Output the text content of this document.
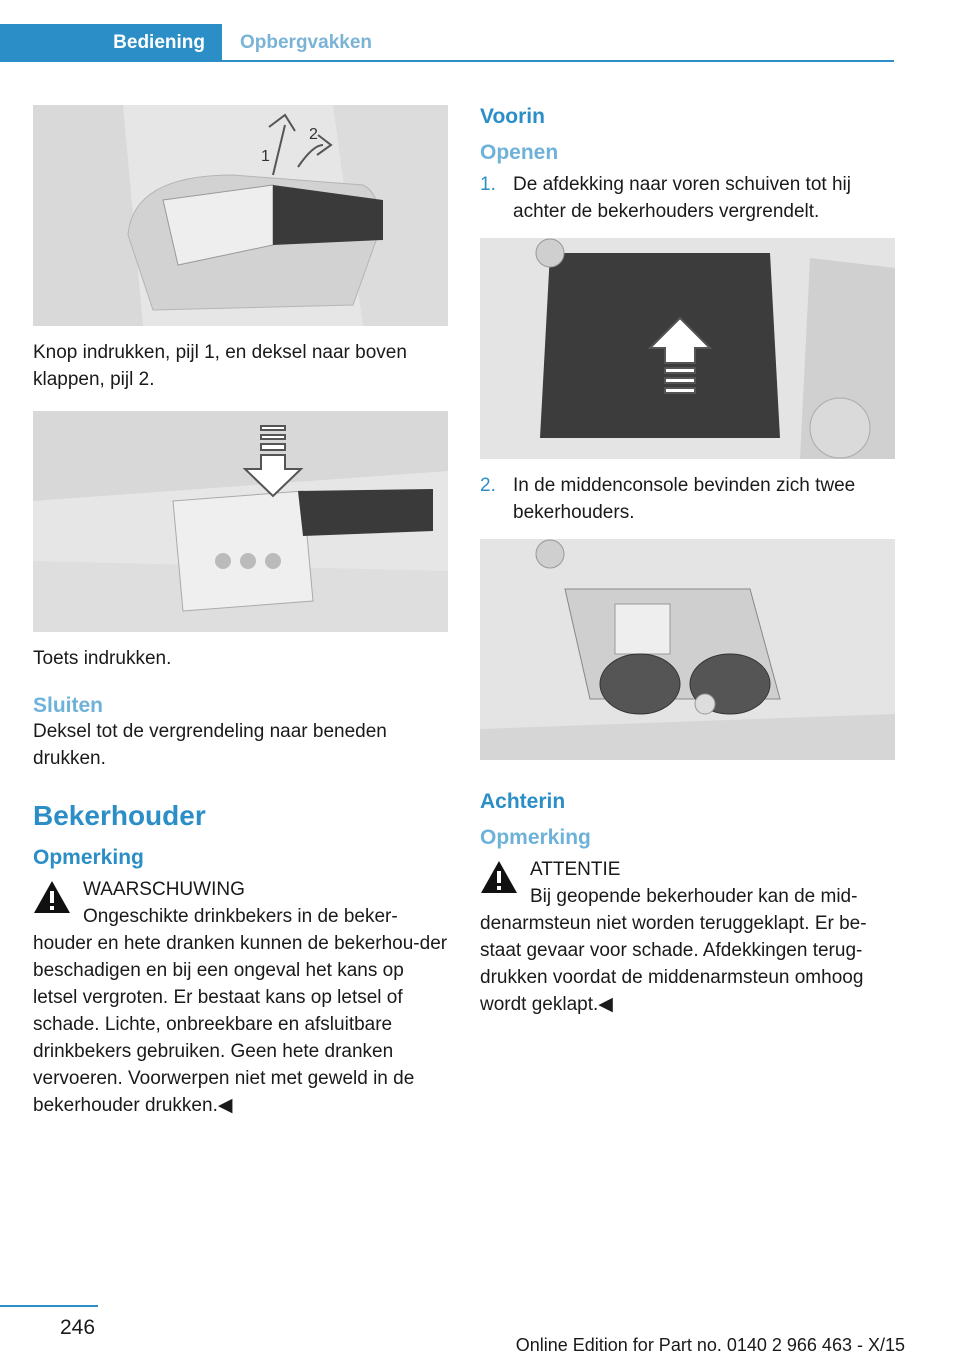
Bediening	Opbergvakken
1
2
Knop indrukken, pijl 1, en deksel naar boven klappen, pijl 2.
Toets indrukken.
Sluiten
Deksel tot de vergrendeling naar beneden drukken.
Bekerhouder
Opmerking
WAARSCHUWING
Ongeschikte drinkbekers in de beker-
houder en hete dranken kunnen de bekerhou-der beschadigen en bij een ongeval het kans op letsel vergroten. Er bestaat kans op letsel of schade. Lichte, onbreekbare en afsluitbare drinkbekers gebruiken. Geen hete dranken vervoeren. Voorwerpen niet met geweld in de bekerhouder drukken.◀
Voorin
Openen
1. De afdekking naar voren schuiven tot hij achter de bekerhouders vergrendelt.
2. In de middenconsole bevinden zich twee bekerhouders.
Achterin
Opmerking
ATTENTIE
Bij geopende bekerhouder kan de mid-
denarmsteun niet worden teruggeklapt. Er be-staat gevaar voor schade. Afdekkingen terug-drukken voordat de middenarmsteun omhoog wordt geklapt.◀
246
Online Edition for Part no. 0140 2 966 463 - X/15
